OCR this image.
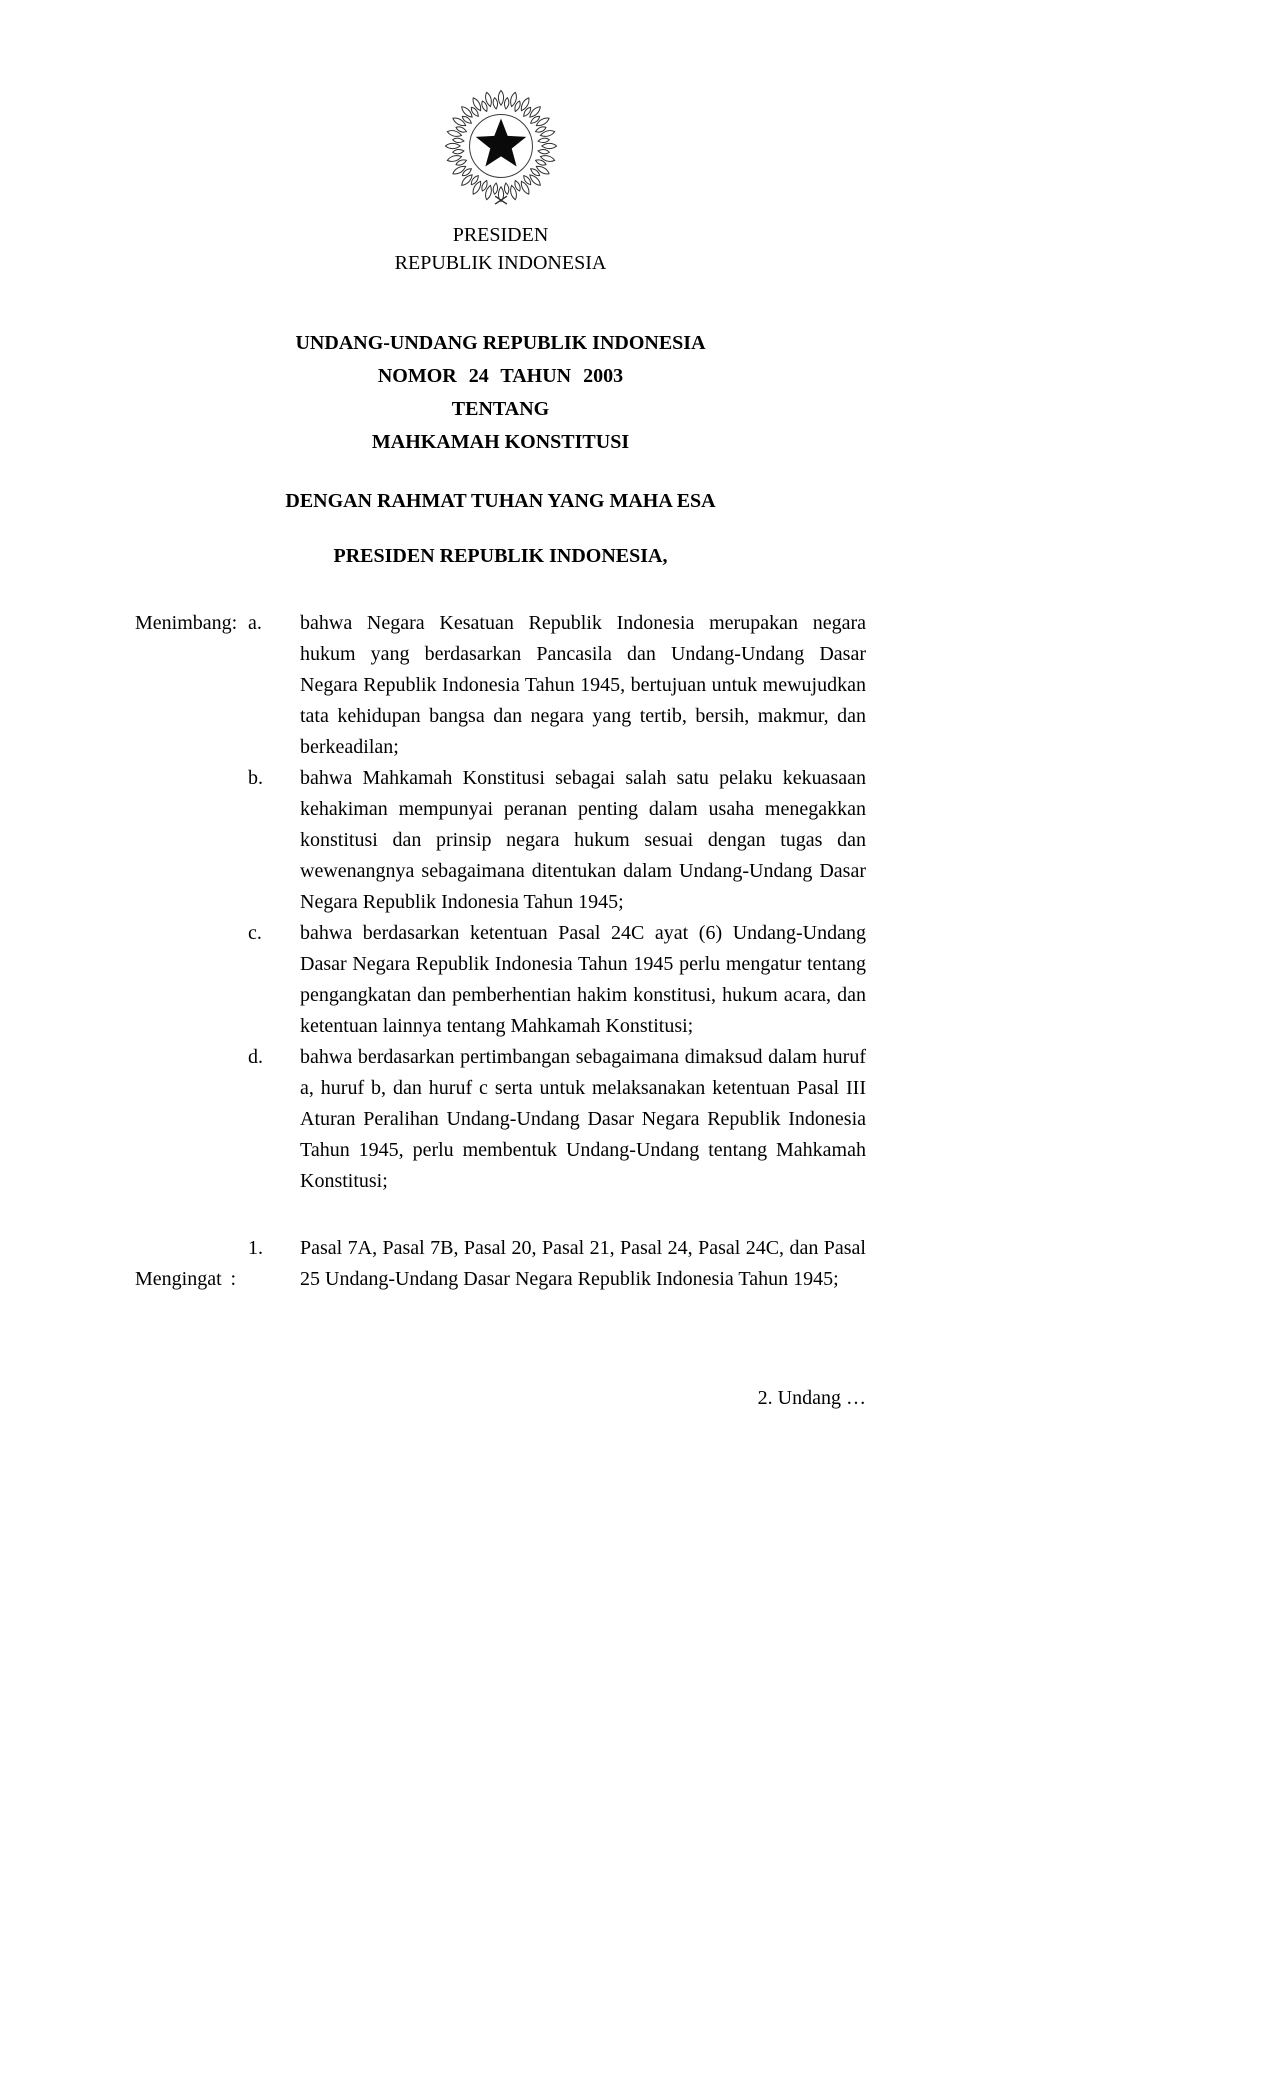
PRESIDEN
REPUBLIK INDONESIA
UNDANG-UNDANG REPUBLIK INDONESIA
NOMOR 24 TAHUN 2003
TENTANG
MAHKAMAH KONSTITUSI
DENGAN RAHMAT TUHAN YANG MAHA ESA
PRESIDEN REPUBLIK INDONESIA,
Menimbang : a.	bahwa Negara Kesatuan Republik Indonesia merupakan negara hukum yang berdasarkan Pancasila dan Undang-Undang Dasar Negara Republik Indonesia Tahun 1945, bertujuan untuk mewujudkan tata kehidupan bangsa dan negara yang tertib, bersih, makmur, dan berkeadilan;
b.	bahwa Mahkamah Konstitusi sebagai salah satu pelaku kekuasaan kehakiman mempunyai peranan penting dalam usaha menegakkan konstitusi dan prinsip negara hukum sesuai dengan tugas dan wewenangnya sebagaimana ditentukan dalam Undang-Undang Dasar Negara Republik Indonesia Tahun 1945;
c.	bahwa berdasarkan ketentuan Pasal 24C ayat (6) Undang-Undang Dasar Negara Republik Indonesia Tahun 1945 perlu mengatur tentang pengangkatan dan pemberhentian hakim konstitusi, hukum acara, dan ketentuan lainnya tentang Mahkamah Konstitusi;
d.	bahwa berdasarkan pertimbangan sebagaimana dimaksud dalam huruf a, huruf b, dan huruf c serta untuk melaksanakan ketentuan Pasal III Aturan Peralihan Undang-Undang Dasar Negara Republik Indonesia Tahun 1945, perlu membentuk Undang-Undang tentang Mahkamah Konstitusi;
Mengingat :
1.	Pasal 7A, Pasal 7B, Pasal 20, Pasal 21, Pasal 24, Pasal 24C, dan Pasal 25 Undang-Undang Dasar Negara Republik Indonesia Tahun 1945;
2. Undang …
